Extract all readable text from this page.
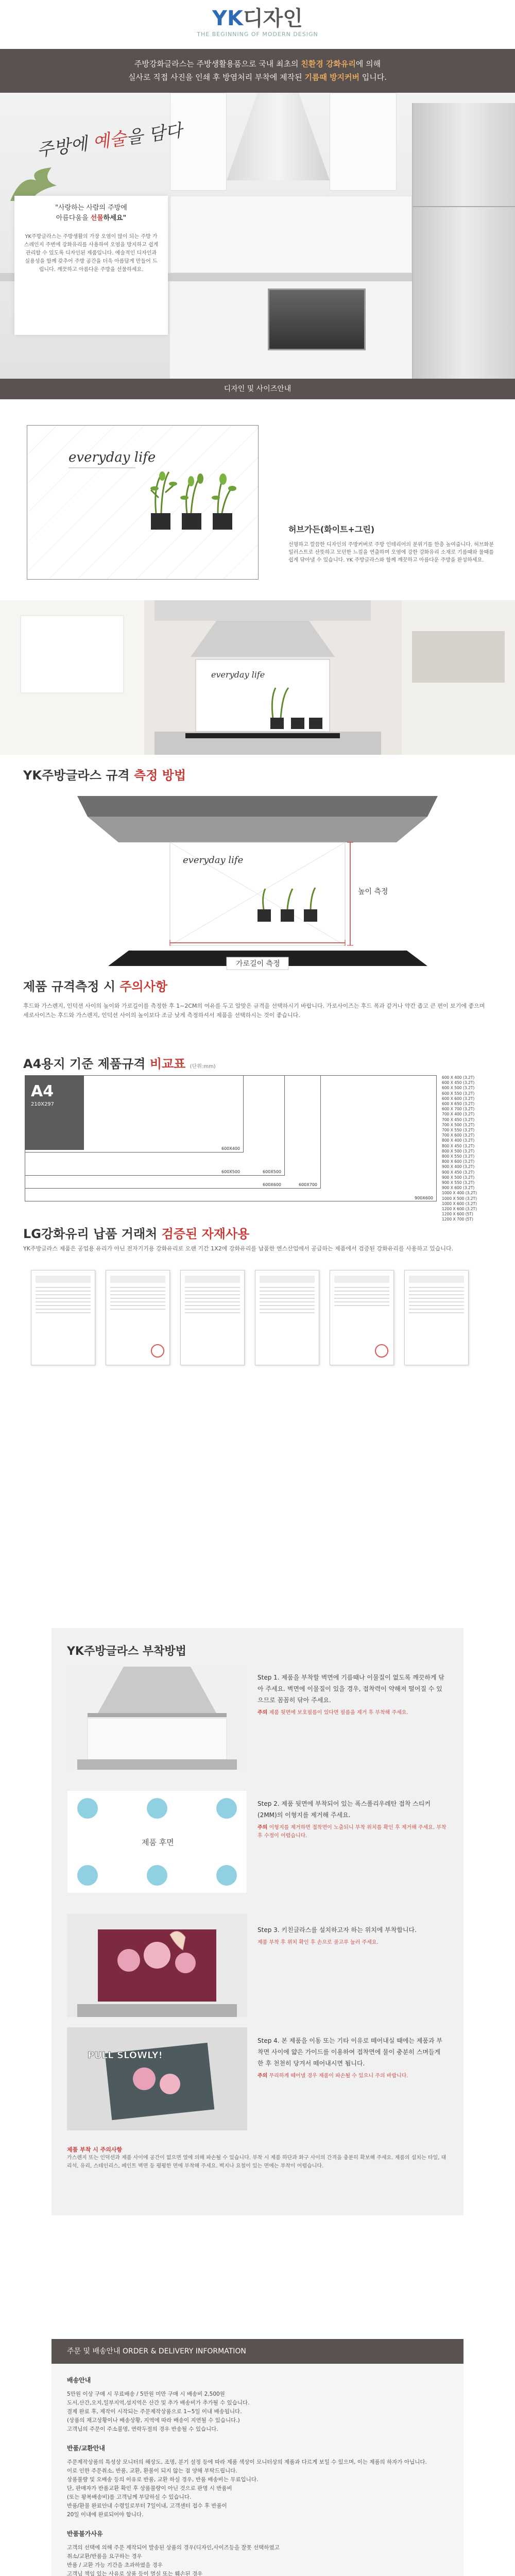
YK디자인
THE BEGINNING OF MODERN DESIGN
주방강화글라스는 주방생활용품으로 국내 최초의 친환경 강화유리에 의해
실사로 직접 사진을 인쇄 후 방염처리 부착에 제작된 기름때 방지커버 입니다.
주방에 예술을 담다
"사랑하는 사람의 주방에
아름다움을 선물하세요"
YK주방글라스는 주방생활의 가장 오염이 많이 되는 주방 가스레인지 주변에 강화유리를 사용하여 오염을 방지하고 쉽게 관리할 수 있도록 디자인된 제품입니다. 예술적인 디자인과 실용성을 함께 갖추어 주방 공간을 더욱 아름답게 만들어 드립니다. 깨끗하고 아름다운 주방을 선물하세요.
디자인 및 사이즈안내
everyday life
허브가든(화이트+그린)
선명하고 깔끔한 디자인의 주방커버로 주방 인테리어의 분위기를 한층 높여줍니다. 허브화분 일러스트로 산뜻하고 모던한 느낌을 연출하며 오염에 강한 강화유리 소재로 기름때와 물때를 쉽게 닦아낼 수 있습니다. YK 주방글라스와 함께 깨끗하고 아름다운 주방을 완성하세요.
everyday life
YK주방글라스 규격 측정 방법
everyday life
높이 측정
가로길이 측정
제품 규격측정 시 주의사항
후드와 가스렌지, 인덕션 사이의 높이와 가로길이를 측정한 후 1~2CM의 여유를 두고 알맞은 규격을 선택하시기 바랍니다. 가로사이즈는 후드 폭과 같거나 약간 좁고 큰 편이 보기에 좋으며 세로사이즈는 후드와 가스렌지, 인덕션 사이의 높이보다 조금 낮게 측정하셔서 제품을 선택하시는 것이 좋습니다.
A4용지 기준 제품규격 비교표 (단위:mm)
A4
210X297
600X400
600X500	600X500
600X600	600X700
900X600
600 X 400 (3.2T)
600 X 450 (3.2T)
600 X 500 (3.2T)
600 X 550 (3.2T)
600 X 600 (3.2T)
600 X 650 (3.2T)
600 X 700 (3.2T)
700 X 400 (3.2T)
700 X 450 (3.2T)
700 X 500 (3.2T)
700 X 550 (3.2T)
700 X 600 (3.2T)
800 X 400 (3.2T)
800 X 450 (3.2T)
800 X 500 (3.2T)
800 X 550 (3.2T)
800 X 600 (3.2T)
900 X 400 (3.2T)
900 X 450 (3.2T)
900 X 500 (3.2T)
900 X 550 (3.2T)
900 X 600 (3.2T)
1000 X 400 (3.2T)
1000 X 500 (3.2T)
1000 X 600 (3.2T)
1200 X 600 (3.2T)
1200 X 600 (5T)
1200 X 700 (5T)
LG강화유리 납품 거래처 검증된 자재사용
YK주방글라스 제품은 공업용 유리가 아닌 전자기기용 강화유리로 오랜 기간 1X2에 강화유리를 납품한 엔스산업에서 공급하는 제품에서 검증된 강화유리를 사용하고 있습니다.
YK주방글라스 부착방법
Step 1. 제품을 부착할 벽면에 기름때나 이물질이 없도록 깨끗하게 닦아 주세요. 벽면에 이물질이 있을 경우, 접착력이 약해져 떨어질 수 있으므로 꼼꼼히 닦아 주세요.
주의 제품 뒷면에 보호필름이 있다면 필름을 제거 후 부착해 주세요.
제품 후면
Step 2. 제품 뒷면에 부착되어 있는 폭스폴리우레탄 접착 스티커(2MM)의 이형지를 제거해 주세요.
주의 이형지를 제거하면 접착면이 노출되니 부착 위치를 확인 후 제거해 주세요. 부착 후 수정이 어렵습니다.
Step 3. 키친글라스를 설치하고자 하는 위치에 부착합니다.
제품 부착 후 위치 확인 후 손으로 골고루 눌러 주세요.
PULL SLOWLY!
Step 4. 본 제품을 이동 또는 기타 이유로 떼어내실 때에는 제품과 부착면 사이에 얇은 가이드를 이용하여 접착면에 물이 충분히 스며들게 한 후 천천히 당겨서 떼어내시면 됩니다.
주의 무리하게 떼어낼 경우 제품이 파손될 수 있으니 주의 바랍니다.
제품 부착 시 주의사항
가스렌지 또는 인덕션과 제품 사이에 공간이 없으면 열에 의해 파손될 수 있습니다. 부착 시 제품 하단과 화구 사이의 간격을 충분히 확보해 주세요. 제품의 설치는 타일, 대리석, 유리, 스테인리스, 페인트 벽면 등 평평한 면에 부착해 주세요. 벽지나 요철이 있는 면에는 부착이 어렵습니다.
주문 및 배송안내 ORDER & DELIVERY INFORMATION
배송안내

5만원 이상 구매 시 무료배송 / 5만원 미만 구매 시 배송비 2,500원
도서,산간,오지,일부지역,섬지역은 산간 및 추가 배송비가 추가될 수 있습니다.
결제 완료 후, 제작이 시작되는 주문제작상품으로 1~5일 이내 배송됩니다.
(상품의 재고상황이나 배송상황, 지역에 따라 배송이 지연될 수 있습니다.)
고객님의 주문이 주소불명, 연락두절의 경우 반송될 수 있습니다.

반품/교환안내

주문제작상품의 특성상 모니터의 해상도, 조명, 분기 설정 등에 따라 제품 색상이 모니터상의 제품과 다르게 보일 수 있으며, 이는 제품의 하자가 아닙니다.
이로 인한 주문취소, 반품, 교환, 환불이 되지 않는 점 양해 부탁드립니다.
상품불량 및 오배송 등의 이유로 반품, 교환 하실 경우, 반품 배송비는 무료입니다.
단, 판매자가 반품교환 확인 후 상품불량이 아닌 것으로 판명 시 반품비
(또는 왕복배송비)를 고객님께 부담하실 수 있습니다.
반품/환불 완료안내 수령일로부터 7일이내, 고객센터 접수 후 반품이
20일 이내에 완료되어야 합니다.

반품불가사유

고객의 선택에 의해 주문 제작되어 발송된 상품의 경우(디자인,사이즈등을 잘못 선택하였고
취소/교환/반품을 요구하는 경우
반품 / 교환 가능 기간을 초과하였을 경우
고객님 책임 있는 사유로 상품 등이 멸실 또는 훼손된 경우
